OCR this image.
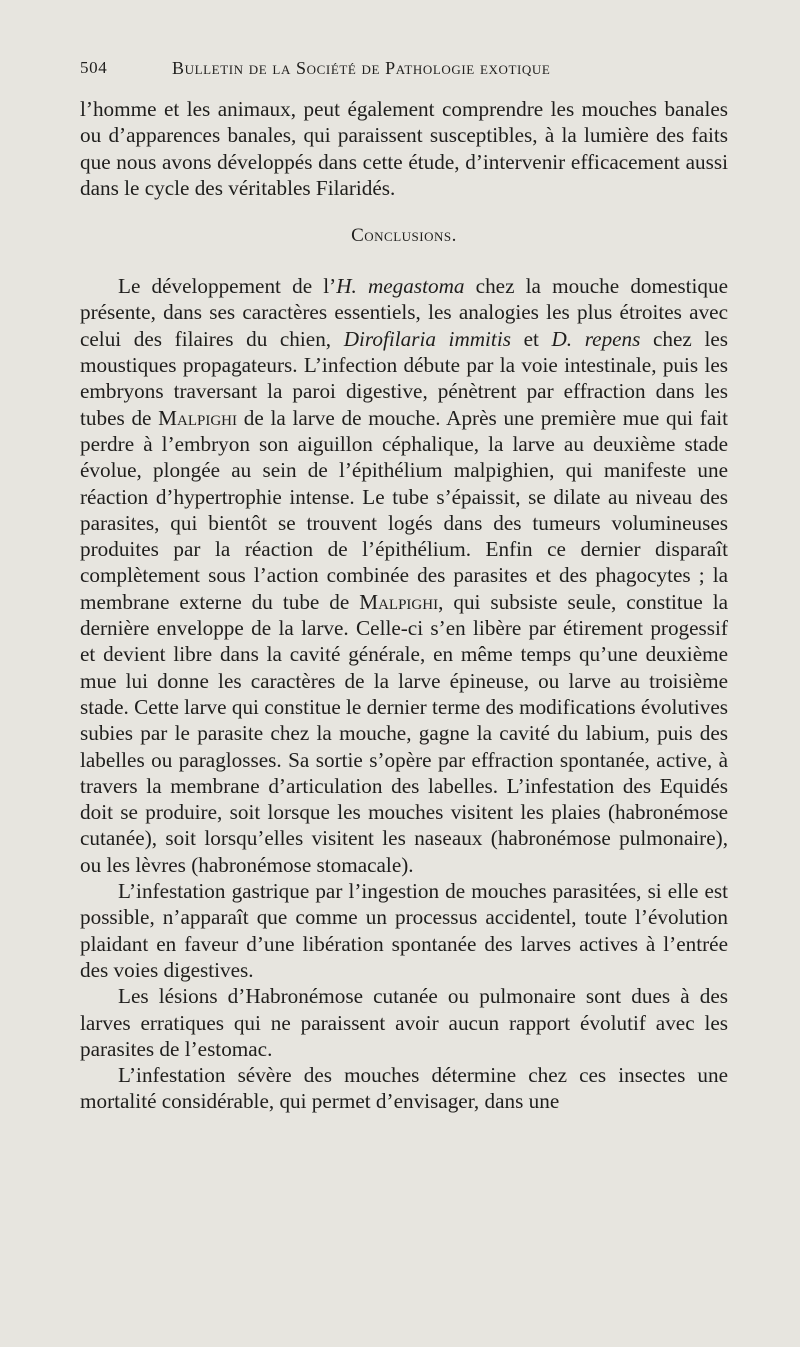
504	Bulletin de la Société de Pathologie exotique

l’homme et les animaux, peut également comprendre les mouches banales ou d’apparences banales, qui paraissent susceptibles, à la lumière des faits que nous avons développés dans cette étude, d’intervenir efficacement aussi dans le cycle des véritables Filaridés.

Conclusions.

Le développement de l’H. megastoma chez la mouche domestique présente, dans ses caractères essentiels, les analogies les plus étroites avec celui des filaires du chien, Dirofilaria immitis et D. repens chez les moustiques propagateurs. L’infection débute par la voie intestinale, puis les embryons traversant la paroi digestive, pénètrent par effraction dans les tubes de Malpighi de la larve de mouche. Après une première mue qui fait perdre à l’embryon son aiguillon céphalique, la larve au deuxième stade évolue, plongée au sein de l’épithélium malpighien, qui manifeste une réaction d’hypertrophie intense. Le tube s’épaissit, se dilate au niveau des parasites, qui bientôt se trouvent logés dans des tumeurs volumineuses produites par la réaction de l’épithélium. Enfin ce dernier disparaît complètement sous l’action combinée des parasites et des phagocytes ; la membrane externe du tube de Malpighi, qui subsiste seule, constitue la dernière enveloppe de la larve. Celle-ci s’en libère par étirement progessif et devient libre dans la cavité générale, en même temps qu’une deuxième mue lui donne les caractères de la larve épineuse, ou larve au troisième stade. Cette larve qui constitue le dernier terme des modifications évolutives subies par le parasite chez la mouche, gagne la cavité du labium, puis des labelles ou paraglosses. Sa sortie s’opère par effraction spontanée, active, à travers la membrane d’articulation des labelles. L’infestation des Equidés doit se produire, soit lorsque les mouches visitent les plaies (habronémose cutanée), soit lorsqu’elles visitent les naseaux (habronémose pulmonaire), ou les lèvres (habronémose stomacale).

L’infestation gastrique par l’ingestion de mouches parasitées, si elle est possible, n’apparaît que comme un processus accidentel, toute l’évolution plaidant en faveur d’une libération spontanée des larves actives à l’entrée des voies digestives.

Les lésions d’Habronémose cutanée ou pulmonaire sont dues à des larves erratiques qui ne paraissent avoir aucun rapport évolutif avec les parasites de l’estomac.

L’infestation sévère des mouches détermine chez ces insectes une mortalité considérable, qui permet d’envisager, dans une
